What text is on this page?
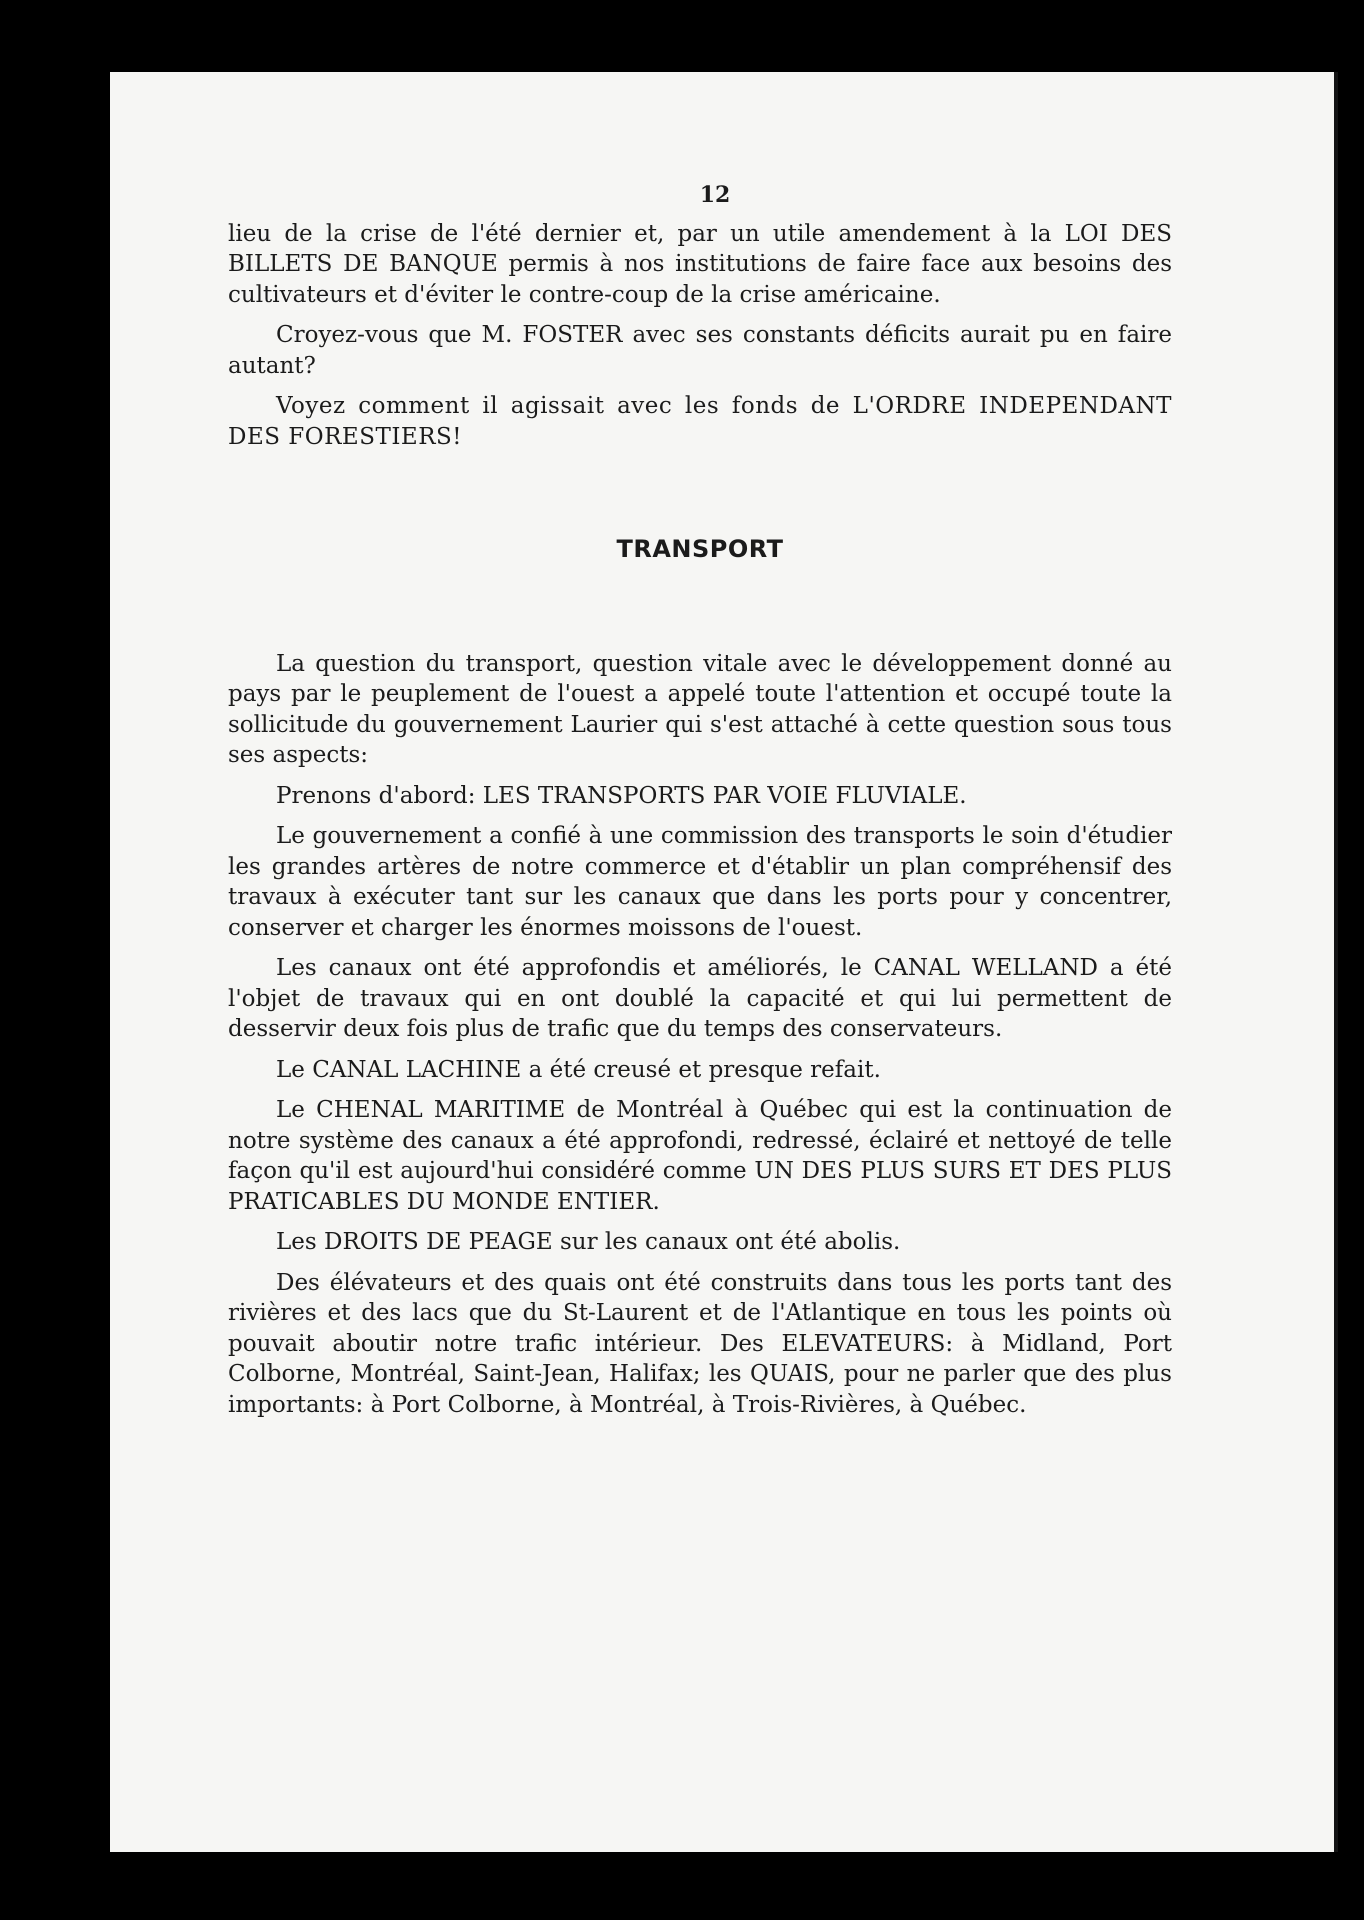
12

lieu de la crise de l'été dernier et, par un utile amendement à la LOI DES BILLETS DE BANQUE permis à nos institutions de faire face aux besoins des cultivateurs et d'éviter le contre-coup de la crise américaine.

Croyez-vous que M. FOSTER avec ses constants déficits aurait pu en faire autant?

Voyez comment il agissait avec les fonds de L'ORDRE INDEPENDANT DES FORESTIERS!

TRANSPORT

La question du transport, question vitale avec le développement donné au pays par le peuplement de l'ouest a appelé toute l'attention et occupé toute la sollicitude du gouvernement Laurier qui s'est attaché à cette question sous tous ses aspects:

Prenons d'abord: LES TRANSPORTS PAR VOIE FLUVIALE.

Le gouvernement a confié à une commission des transports le soin d'étudier les grandes artères de notre commerce et d'établir un plan compréhensif des travaux à exécuter tant sur les canaux que dans les ports pour y concentrer, conserver et charger les énormes moissons de l'ouest.

Les canaux ont été approfondis et améliorés, le CANAL WELLAND a été l'objet de travaux qui en ont doublé la capacité et qui lui permettent de desservir deux fois plus de trafic que du temps des conservateurs.

Le CANAL LACHINE a été creusé et presque refait.

Le CHENAL MARITIME de Montréal à Québec qui est la continuation de notre système des canaux a été approfondi, redressé, éclairé et nettoyé de telle façon qu'il est aujourd'hui considéré comme UN DES PLUS SURS ET DES PLUS PRATICABLES DU MONDE ENTIER.

Les DROITS DE PEAGE sur les canaux ont été abolis.

Des élévateurs et des quais ont été construits dans tous les ports tant des rivières et des lacs que du St-Laurent et de l'Atlantique en tous les points où pouvait aboutir notre trafic intérieur. Des ELEVATEURS: à Midland, Port Colborne, Montréal, Saint-Jean, Halifax; les QUAIS, pour ne parler que des plus importants: à Port Colborne, à Montréal, à Trois-Rivières, à Québec.
